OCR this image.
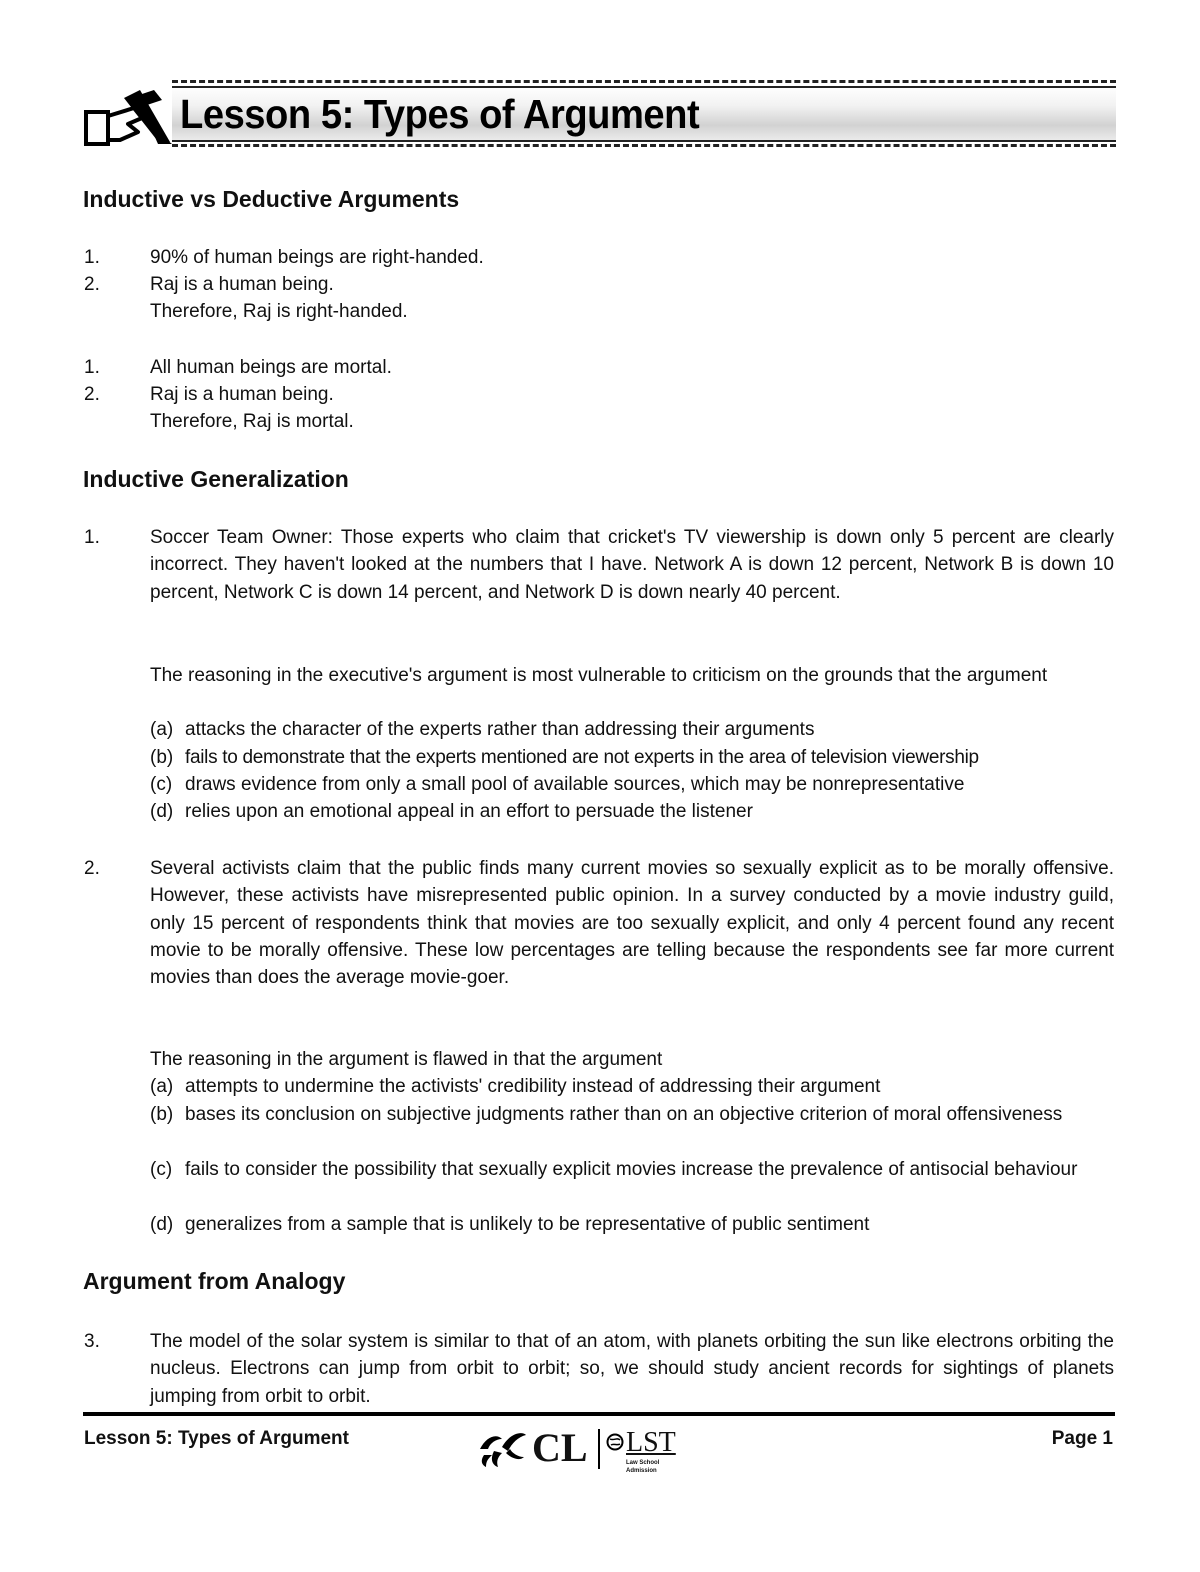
Lesson 5: Types of Argument
Inductive vs Deductive Arguments
1.	90% of human beings are right-handed.
2.	Raj is a human being.
Therefore, Raj is right-handed.
1.	All human beings are mortal.
2.	Raj is a human being.
Therefore, Raj is mortal.
Inductive Generalization
1.	Soccer Team Owner: Those experts who claim that cricket's TV viewership is down only 5 percent are clearly incorrect. They haven't looked at the numbers that I have. Network A is down 12 percent, Network B is down 10 percent, Network C is down 14 percent, and Network D is down nearly 40 percent.

The reasoning in the executive's argument is most vulnerable to criticism on the grounds that the argument

(a) attacks the character of the experts rather than addressing their arguments
(b) fails to demonstrate that the experts mentioned are not experts in the area of television viewership
(c) draws evidence from only a small pool of available sources, which may be nonrepresentative
(d) relies upon an emotional appeal in an effort to persuade the listener
2.	Several activists claim that the public finds many current movies so sexually explicit as to be morally offensive. However, these activists have misrepresented public opinion. In a survey conducted by a movie industry guild, only 15 percent of respondents think that movies are too sexually explicit, and only 4 percent found any recent movie to be morally offensive. These low percentages are telling because the respondents see far more current movies than does the average movie-goer.

The reasoning in the argument is flawed in that the argument

(a) attempts to undermine the activists' credibility instead of addressing their argument
(b) bases its conclusion on subjective judgments rather than on an objective criterion of moral offensiveness
(c) fails to consider the possibility that sexually explicit movies increase the prevalence of antisocial behaviour
(d) generalizes from a sample that is unlikely to be representative of public sentiment
Argument from Analogy
3.	The model of the solar system is similar to that of an atom, with planets orbiting the sun like electrons orbiting the nucleus. Electrons can jump from orbit to orbit; so, we should study ancient records for sightings of planets jumping from orbit to orbit.

Lesson 5: Types of Argument	CL LST
Law School Admission
Page 1
